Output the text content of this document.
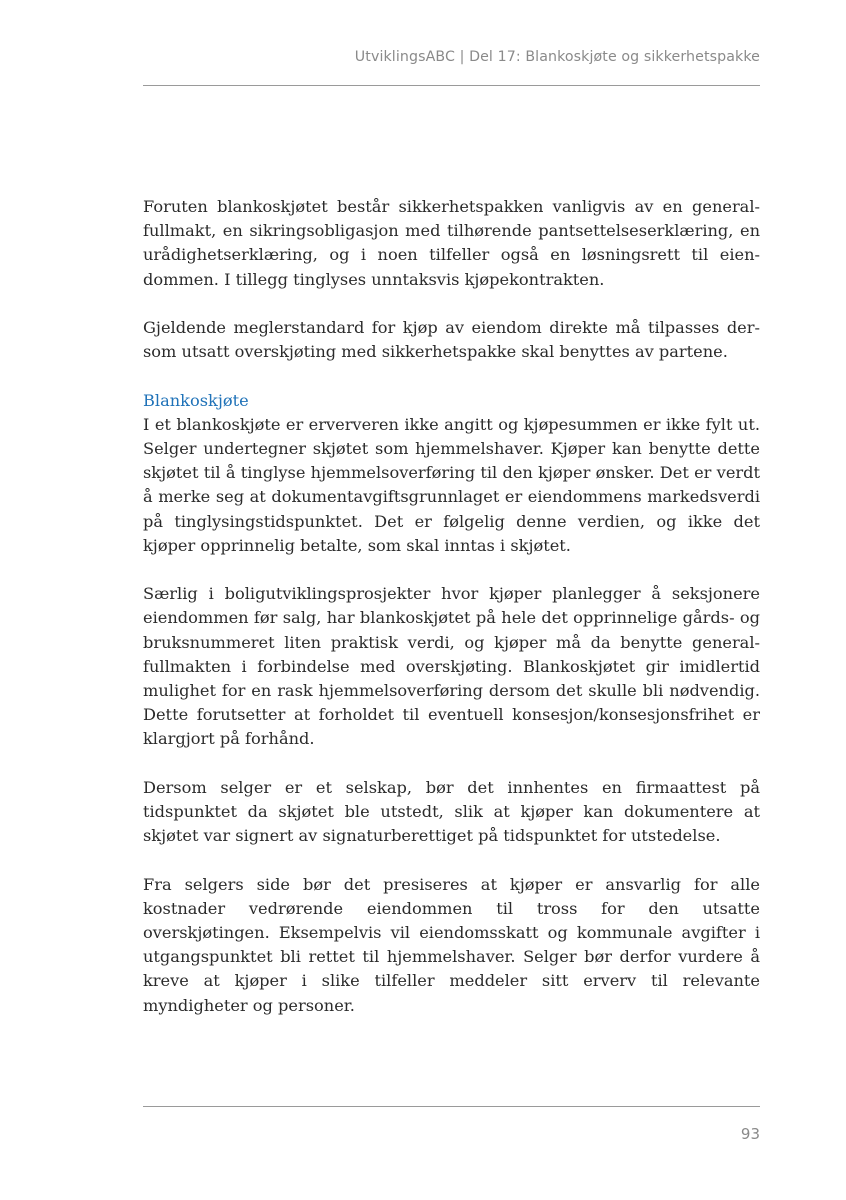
UtviklingsABC | Del 17: Blankoskjøte og sikkerhetspakke

Foruten blankoskjøtet består sikkerhetspakken vanligvis av en generalfullmakt, en sikringsobligasjon med tilhørende pantsettelseserklæring, en urådighetserklæring, og i noen tilfeller også en løsningsrett til eiendommen. I tillegg tinglyses unntaksvis kjøpekontrakten.

Gjeldende meglerstandard for kjøp av eiendom direkte må tilpasses dersom utsatt overskjøting med sikkerhetspakke skal benyttes av partene.

Blankoskjøte

I et blankoskjøte er erververen ikke angitt og kjøpesummen er ikke fylt ut. Selger undertegner skjøtet som hjemmelshaver. Kjøper kan benytte dette skjøtet til å tinglyse hjemmelsoverføring til den kjøper ønsker. Det er verdt å merke seg at dokumentavgiftsgrunnlaget er eiendommens markedsverdi på tinglysingstidspunktet. Det er følgelig denne verdien, og ikke det kjøper opprinnelig betalte, som skal inntas i skjøtet.

Særlig i boligutviklingsprosjekter hvor kjøper planlegger å seksjonere eiendommen før salg, har blankoskjøtet på hele det opprinnelige gårds- og bruksnummeret liten praktisk verdi, og kjøper må da benytte generalfullmakten i forbindelse med overskjøting. Blankoskjøtet gir imidlertid mulighet for en rask hjemmelsoverføring dersom det skulle bli nødvendig. Dette forutsetter at forholdet til eventuell konsesjon/konsesjonsfrihet er klargjort på forhånd.

Dersom selger er et selskap, bør det innhentes en firmaattest på tidspunktet da skjøtet ble utstedt, slik at kjøper kan dokumentere at skjøtet var signert av signaturberettiget på tidspunktet for utstedelse.

Fra selgers side bør det presiseres at kjøper er ansvarlig for alle kostnader vedrørende eiendommen til tross for den utsatte overskjøtingen. Eksempelvis vil eiendomsskatt og kommunale avgifter i utgangspunktet bli rettet til hjemmelshaver. Selger bør derfor vurdere å kreve at kjøper i slike tilfeller meddeler sitt erverv til relevante myndigheter og personer.

93
